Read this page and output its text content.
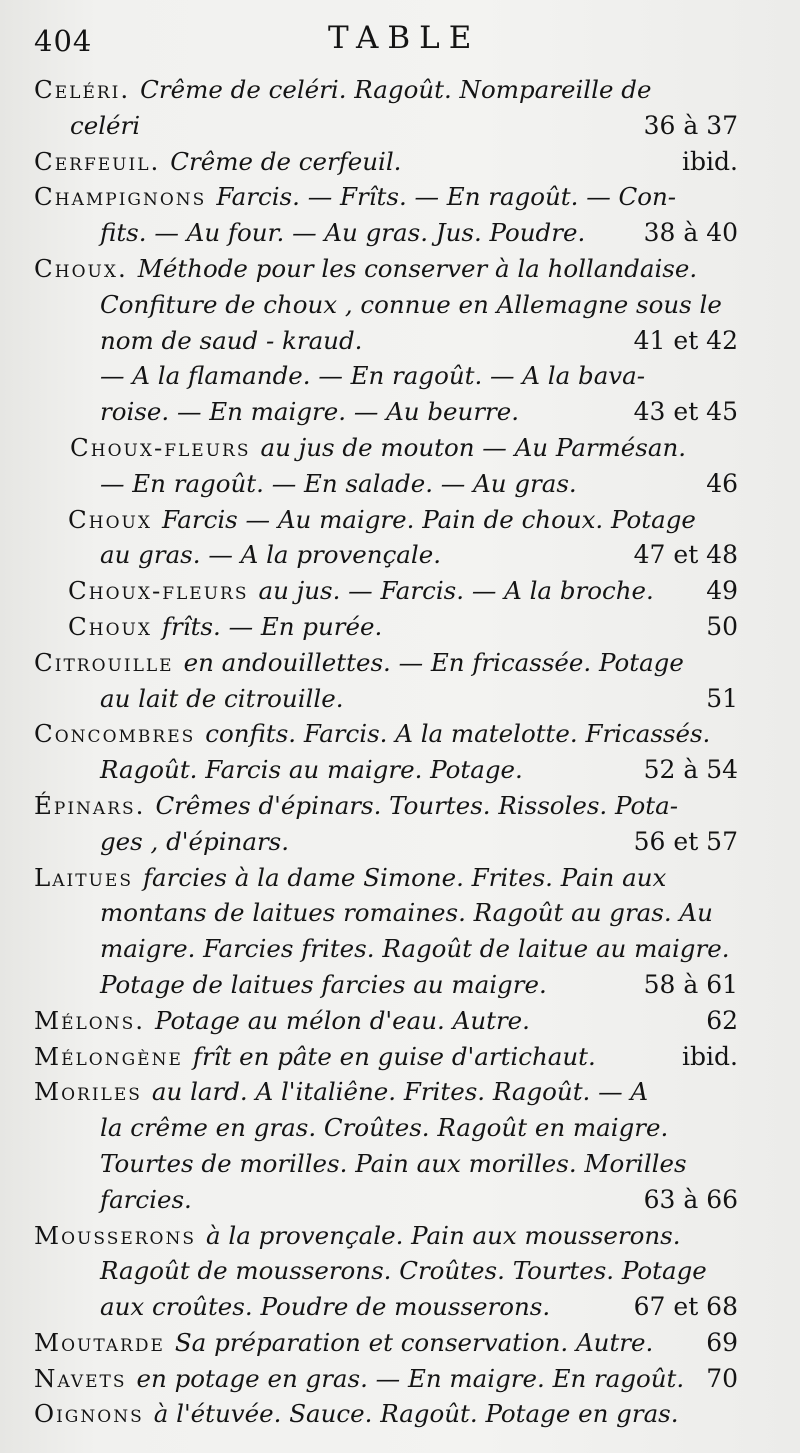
404	TABLE
Celéri. Crême de celéri. Ragoût. Nompareille de
celéri	36 à 37
Cerfeuil. Crême de cerfeuil.	ibid.
Champignons Farcis. — Frîts. — En ragoût. — Con-
fits. — Au four. — Au gras. Jus. Poudre. 38 à 40
Choux. Méthode pour les conserver à la hollandaise.
Confiture de choux , connue en Allemagne sous le
nom de saud - kraud.	41 et 42
— A la flamande. — En ragoût. — A la bava-
roise. — En maigre. — Au beurre.	43 et 45
Choux-fleurs au jus de mouton — Au Parmésan.
— En ragoût. — En salade. — Au gras.	46
Choux Farcis — Au maigre. Pain de choux. Potage
au gras. — A la provençale.	47 et 48
Choux-fleurs au jus. — Farcis. — A la broche. 49
Choux frîts. — En purée.	50
Citrouille en andouillettes. — En fricassée. Potage
au lait de citrouille.	51
Concombres confits. Farcis. A la matelotte. Fricassés.
Ragoût. Farcis au maigre. Potage.	52 à 54
Épinars. Crêmes d'épinars. Tourtes. Rissoles. Pota-
ges , d'épinars.	56 et 57
Laitues farcies à la dame Simone. Frites. Pain aux
montans de laitues romaines. Ragoût au gras. Au
maigre. Farcies frites. Ragoût de laitue au maigre.
Potage de laitues farcies au maigre.	58 à 61
Mélons. Potage au mélon d'eau. Autre.	62
Mélongène frît en pâte en guise d'artichaut.	ibid.
Moriles au lard. A l'italiêne. Frites. Ragoût. — A
la crême en gras. Croûtes. Ragoût en maigre.
Tourtes de morilles. Pain aux morilles. Morilles
farcies.	63 à 66
Mousserons à la provençale. Pain aux mousserons.
Ragoût de mousserons. Croûtes. Tourtes. Potage
aux croûtes. Poudre de mousserons.	67 et 68
Moutarde Sa préparation et conservation. Autre. 69
Navets en potage en gras. — En maigre. En ragoût. 70
Oignons à l'étuvée. Sauce. Ragoût. Potage en gras.
